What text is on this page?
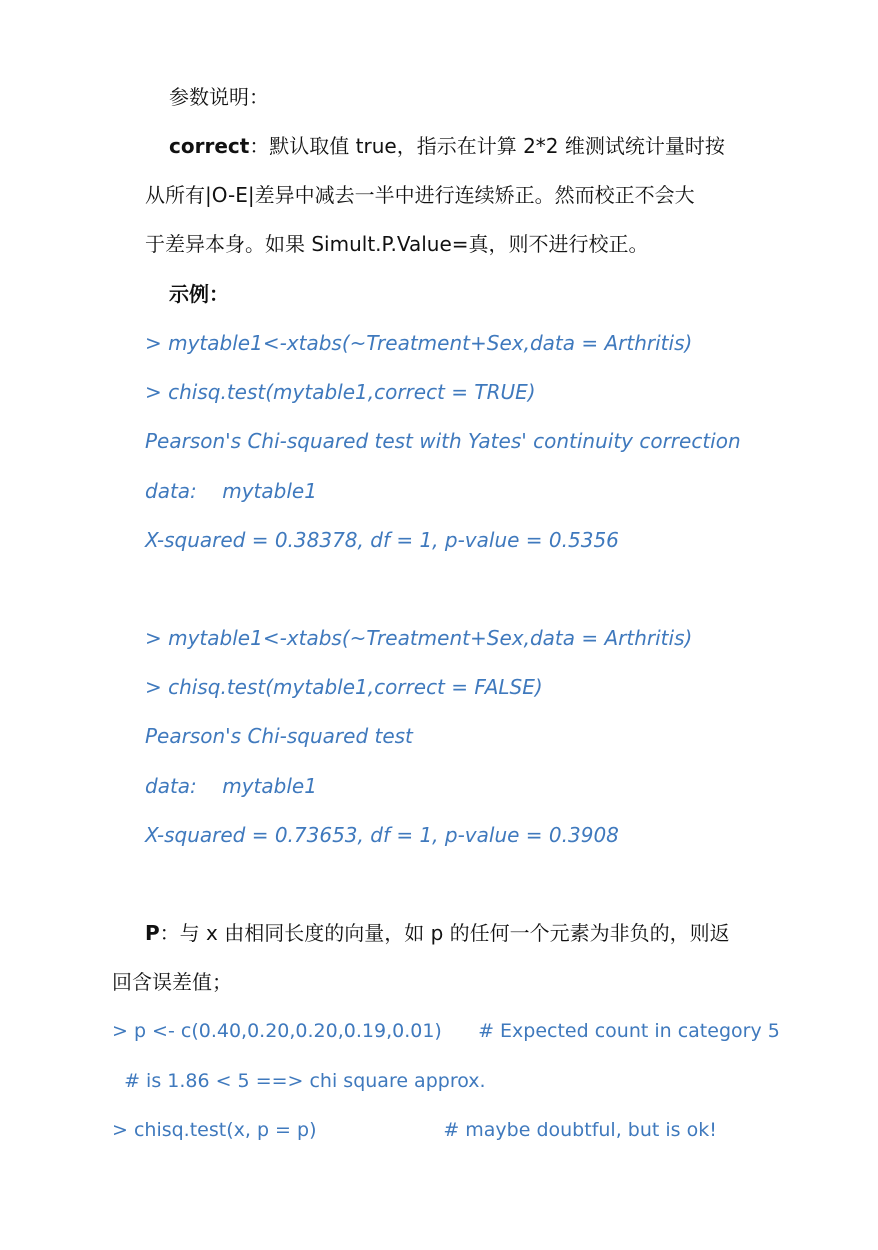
参数说明：
correct：默认取值 true，指示在计算 2*2 维测试统计量时按
从所有|O-E|差异中减去一半中进行连续矫正。然而校正不会大
于差异本身。如果 Simult.P.Value=真，则不进行校正。
示例：
> mytable1<-xtabs(~Treatment+Sex,data = Arthritis)
> chisq.test(mytable1,correct = TRUE)
Pearson's Chi-squared test with Yates' continuity correction
data:    mytable1
X-squared = 0.38378, df = 1, p-value = 0.5356
> mytable1<-xtabs(~Treatment+Sex,data = Arthritis)
> chisq.test(mytable1,correct = FALSE)
Pearson's Chi-squared test
data:    mytable1
X-squared = 0.73653, df = 1, p-value = 0.3908
P：与 x 由相同长度的向量，如 p 的任何一个元素为非负的，则返
回含误差值；
> p <- c(0.40,0.20,0.20,0.19,0.01)      # Expected count in category 5
# is 1.86 < 5 ==> chi square approx.
> chisq.test(x, p = p)                     # maybe doubtful, but is ok!
